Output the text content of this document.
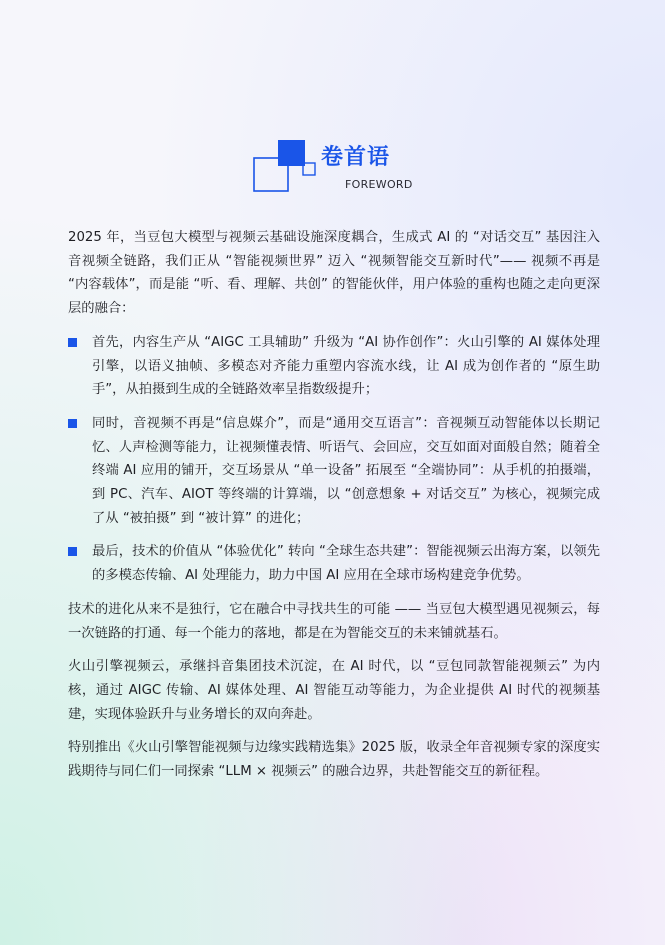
卷首语
FOREWORD

2025 年，当豆包大模型与视频云基础设施深度耦合，生成式 AI 的 “对话交互” 基因注入音视频全链路，我们正从 “智能视频世界” 迈入 “视频智能交互新时代”—— 视频不再是 “内容载体”，而是能 “听、看、理解、共创” 的智能伙伴，用户体验的重构也随之走向更深层的融合：

首先，内容生产从 “AIGC 工具辅助” 升级为 “AI 协作创作”：火山引擎的 AI 媒体处理引擎，以语义抽帧、多模态对齐能力重塑内容流水线，让 AI 成为创作者的 “原生助手”，从拍摄到生成的全链路效率呈指数级提升；
同时，音视频不再是“信息媒介”，而是“通用交互语言”：音视频互动智能体以长期记忆、人声检测等能力，让视频懂表情、听语气、会回应，交互如面对面般自然；随着全终端 AI 应用的铺开，交互场景从 “单一设备” 拓展至 “全端协同”：从手机的拍摄端，到 PC、汽车、AIOT 等终端的计算端，以 “创意想象 + 对话交互” 为核心，视频完成了从 “被拍摄” 到 “被计算” 的进化；
最后，技术的价值从 “体验优化” 转向 “全球生态共建”：智能视频云出海方案，以领先的多模态传输、AI 处理能力，助力中国 AI 应用在全球市场构建竞争优势。

技术的进化从来不是独行，它在融合中寻找共生的可能 —— 当豆包大模型遇见视频云，每一次链路的打通、每一个能力的落地，都是在为智能交互的未来铺就基石。

火山引擎视频云，承继抖音集团技术沉淀，在 AI 时代，以 “豆包同款智能视频云” 为内核，通过 AIGC 传输、AI 媒体处理、AI 智能互动等能力，为企业提供 AI 时代的视频基建，实现体验跃升与业务增长的双向奔赴。

特别推出《火山引擎智能视频与边缘实践精选集》2025 版，收录全年音视频专家的深度实践期待与同仁们一同探索 “LLM × 视频云” 的融合边界，共赴智能交互的新征程。
